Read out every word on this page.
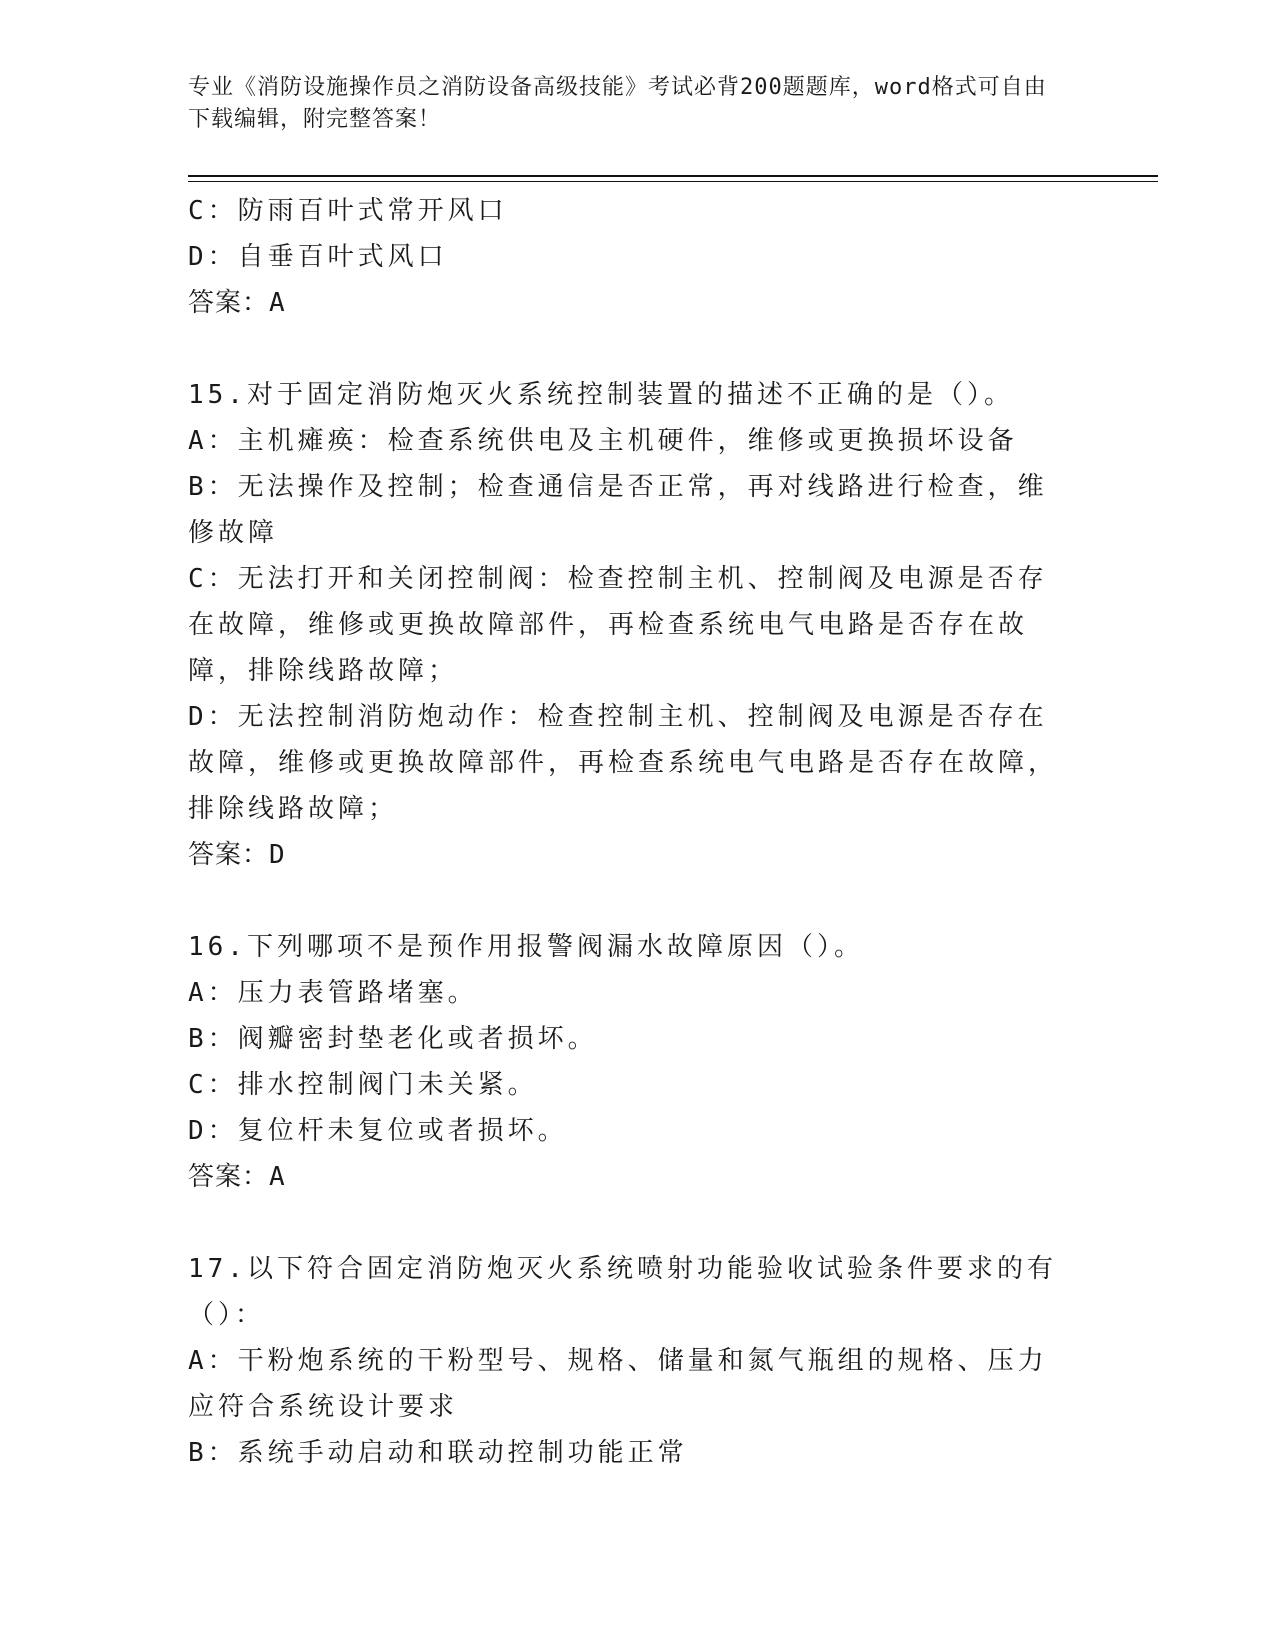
专业《消防设施操作员之消防设备高级技能》考试必背200题题库，word格式可自由下载编辑，附完整答案！
C：防雨百叶式常开风口
D：自垂百叶式风口
答案：A
15.对于固定消防炮灭火系统控制装置的描述不正确的是（）。
A：主机瘫痪：检查系统供电及主机硬件，维修或更换损坏设备
B：无法操作及控制；检查通信是否正常，再对线路进行检查，维修故障
C：无法打开和关闭控制阀：检查控制主机、控制阀及电源是否存在故障，维修或更换故障部件，再检查系统电气电路是否存在故障，排除线路故障；
D：无法控制消防炮动作：检查控制主机、控制阀及电源是否存在故障，维修或更换故障部件，再检查系统电气电路是否存在故障，排除线路故障；
答案：D
16.下列哪项不是预作用报警阀漏水故障原因（）。
A：压力表管路堵塞。
B：阀瓣密封垫老化或者损坏。
C：排水控制阀门未关紧。
D：复位杆未复位或者损坏。
答案：A
17.以下符合固定消防炮灭火系统喷射功能验收试验条件要求的有（）：
A：干粉炮系统的干粉型号、规格、储量和氮气瓶组的规格、压力应符合系统设计要求
B：系统手动启动和联动控制功能正常
